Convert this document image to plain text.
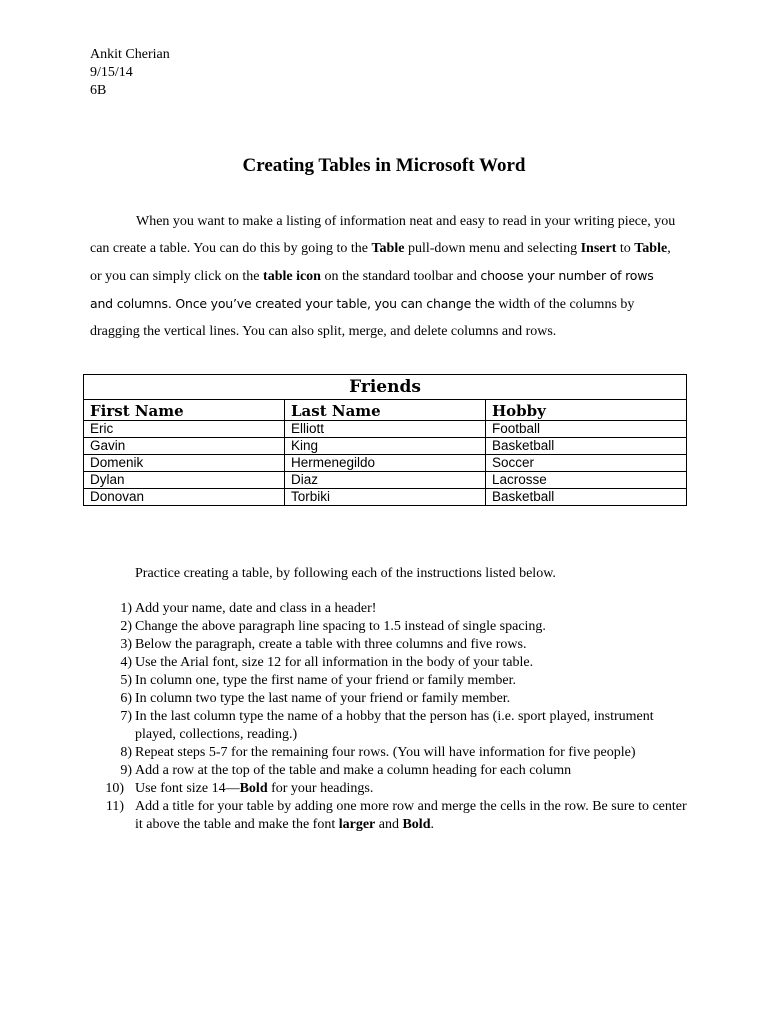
Ankit Cherian
9/15/14
6B
Creating Tables in Microsoft Word
When you want to make a listing of information neat and easy to read in your writing piece, you can create a table. You can do this by going to the Table pull-down menu and selecting Insert to Table, or you can simply click on the table icon on the standard toolbar and choose your number of rows and columns. Once you’ve created your table, you can change the width of the columns by dragging the vertical lines. You can also split, merge, and delete columns and rows.
Friends		
First Name	Last Name	Hobby
Eric	Elliott	Football
Gavin	King	Basketball
Domenik	Hermenegildo	Soccer
Dylan	Diaz	Lacrosse
Donovan	Torbiki	Basketball
Practice creating a table, by following each of the instructions listed below.
1) Add your name, date and class in a header!
2) Change the above paragraph line spacing to 1.5 instead of single spacing.
3) Below the paragraph, create a table with three columns and five rows.
4) Use the Arial font, size 12 for all information in the body of your table.
5) In column one, type the first name of your friend or family member.
6) In column two type the last name of your friend or family member.
7) In the last column type the name of a hobby that the person has (i.e. sport played, instrument played, collections, reading.)
8) Repeat steps 5-7 for the remaining four rows. (You will have information for five people)
9) Add a row at the top of the table and make a column heading for each column
10) Use font size 14—Bold for your headings.
11) Add a title for your table by adding one more row and merge the cells in the row. Be sure to center it above the table and make the font larger and Bold.
